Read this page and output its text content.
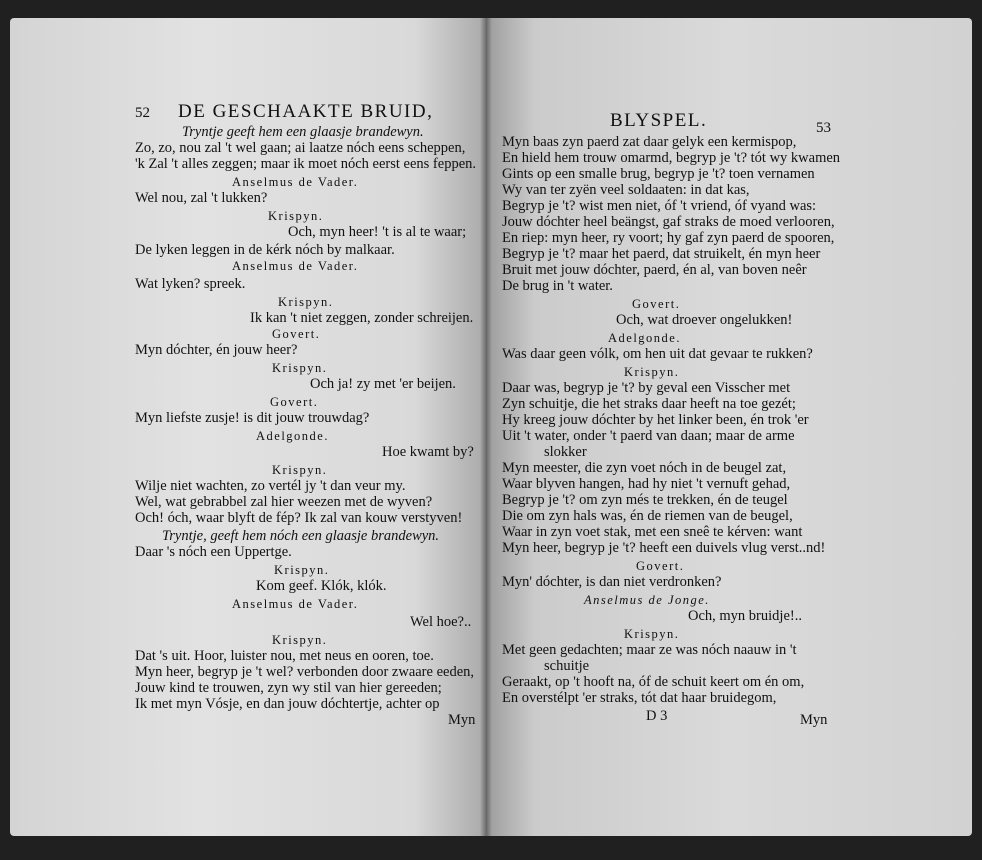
52 DE GESCHAAKTE BRUID,
Tryntje geeft hem een glaasje brandewyn.
Zo, zo, nou zal 't wel gaan; ai laatze nóch eens scheppen,
'k Zal 't alles zeggen; maar ik moet nóch eerst eens feppen.
Anselmus de Vader.
Wel nou, zal 't lukken?
Krispyn.
Och, myn heer! 't is al te waar;
De lyken leggen in de kérk nóch by malkaar.
Anselmus de Vader.
Wat lyken? spreek.
Krispyn.
Ik kan 't niet zeggen, zonder schreijen.
Govert.
Myn dóchter, én jouw heer?
Krispyn.
Och ja! zy met 'er beijen.
Govert.
Myn liefste zusje! is dit jouw trouwdag?
Adelgonde.
Hoe kwamt by?
Krispyn.
Wilje niet wachten, zo vertél jy 't dan veur my.
Wel, wat gebrabbel zal hier weezen met de wyven?
Och! óch, waar blyft de fép? Ik zal van kouw verstyven!
Tryntje, geeft hem nóch een glaasje brandewyn.
Daar 's nóch een Uppertge.
Krispyn.
Kom geef. Klók, klók.
Anselmus de Vader.
Wel hoe?..
Krispyn.
Dat 's uit. Hoor, luister nou, met neus en ooren, toe.
Myn heer, begryp je 't wel? verbonden door zwaare eeden,
Jouw kind te trouwen, zyn wy stil van hier gereeden;
Ik met myn Vósje, en dan jouw dóchtertje, achter op
Myn
BLYSPEL.	53
Myn baas zyn paerd zat daar gelyk een kermispop,
En hield hem trouw omarmd, begryp je 't? tót wy kwamen
Gints op een smalle brug, begryp je 't? toen vernamen
Wy van ter zyën veel soldaaten: in dat kas,
Begryp je 't? wist men niet, óf 't vriend, óf vyand was:
Jouw dóchter heel beängst, gaf straks de moed verlooren,
En riep: myn heer, ry voort; hy gaf zyn paerd de spooren,
Begryp je 't? maar het paerd, dat struikelt, én myn heer
Bruit met jouw dóchter, paerd, én al, van boven neêr
De brug in 't water.
Govert.
Och, wat droever ongelukken!
Adelgonde.
Was daar geen vólk, om hen uit dat gevaar te rukken?
Krispyn.
Daar was, begryp je 't? by geval een Visscher met
Zyn schuitje, die het straks daar heeft na toe gezét;
Hy kreeg jouw dóchter by het linker been, én trok 'er
Uit 't water, onder 't paerd van daan; maar de arme
slokker
Myn meester, die zyn voet nóch in de beugel zat,
Waar blyven hangen, had hy niet 't vernuft gehad,
Begryp je 't? om zyn més te trekken, én de teugel
Die om zyn hals was, én de riemen van de beugel,
Waar in zyn voet stak, met een sneê te kérven: want
Myn heer, begryp je 't? heeft een duivels vlug verst..nd!
Govert.
Myn' dóchter, is dan niet verdronken?
Anselmus de Jonge.
Och, myn bruidje!..
Krispyn.
Met geen gedachten; maar ze was nóch naauw in 't
schuitje
Geraakt, op 't hooft na, óf de schuit keert om én om,
En overstélpt 'er straks, tót dat haar bruidegom,
D 3	Myn
